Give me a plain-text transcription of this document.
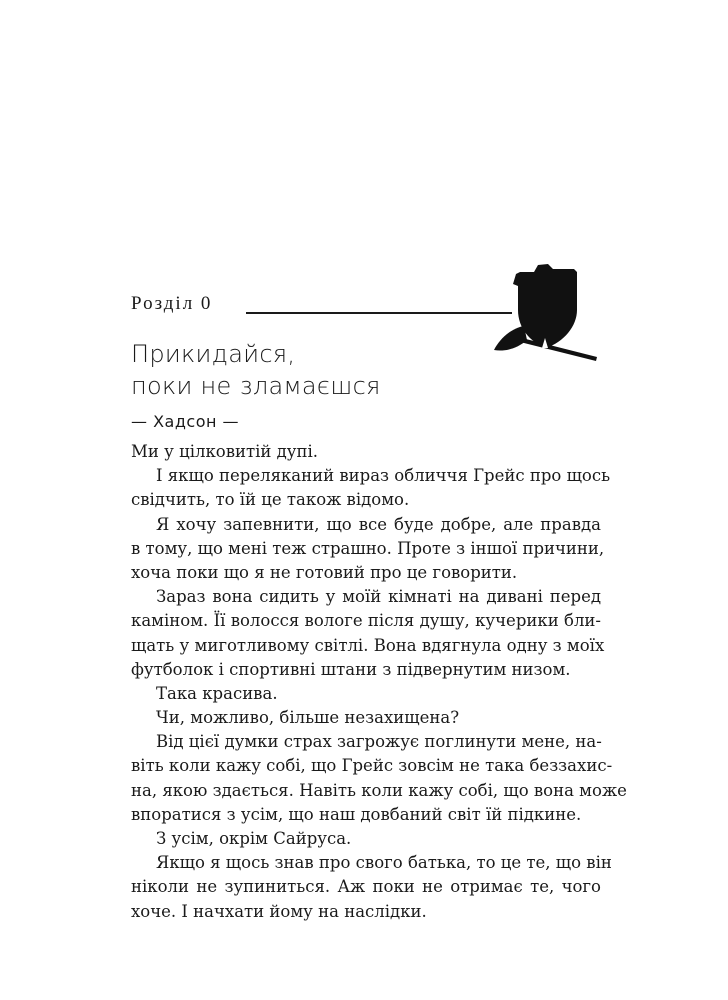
Розділ 0
Прикидайся,
поки не зламаєшся
— Хадсон —
Ми у цілковитій дупі.
І якщо переляканий вираз обличчя Грейс про щось
свідчить, то їй це також відомо.
Я хочу запевнити, що все буде добре, але правда
в тому, що мені теж страшно. Проте з іншої причини,
хоча поки що я не готовий про це говорити.
Зараз вона сидить у моїй кімнаті на дивані перед
каміном. Її волосся вологе після душу, кучерики бли-
щать у миготливому світлі. Вона вдягнула одну з моїх
футболок і спортивні штани з підвернутим низом.
Така красива.
Чи, можливо, більше незахищена?
Від цієї думки страх загрожує поглинути мене, на-
віть коли кажу собі, що Грейс зовсім не така беззахис-
на, якою здається. Навіть коли кажу собі, що вона може
впоратися з усім, що наш довбаний світ їй підкине.
З усім, окрім Сайруса.
Якщо я щось знав про свого батька, то це те, що він
ніколи не зупиниться. Аж поки не отримає те, чого
хоче. І начхати йому на наслідки.
